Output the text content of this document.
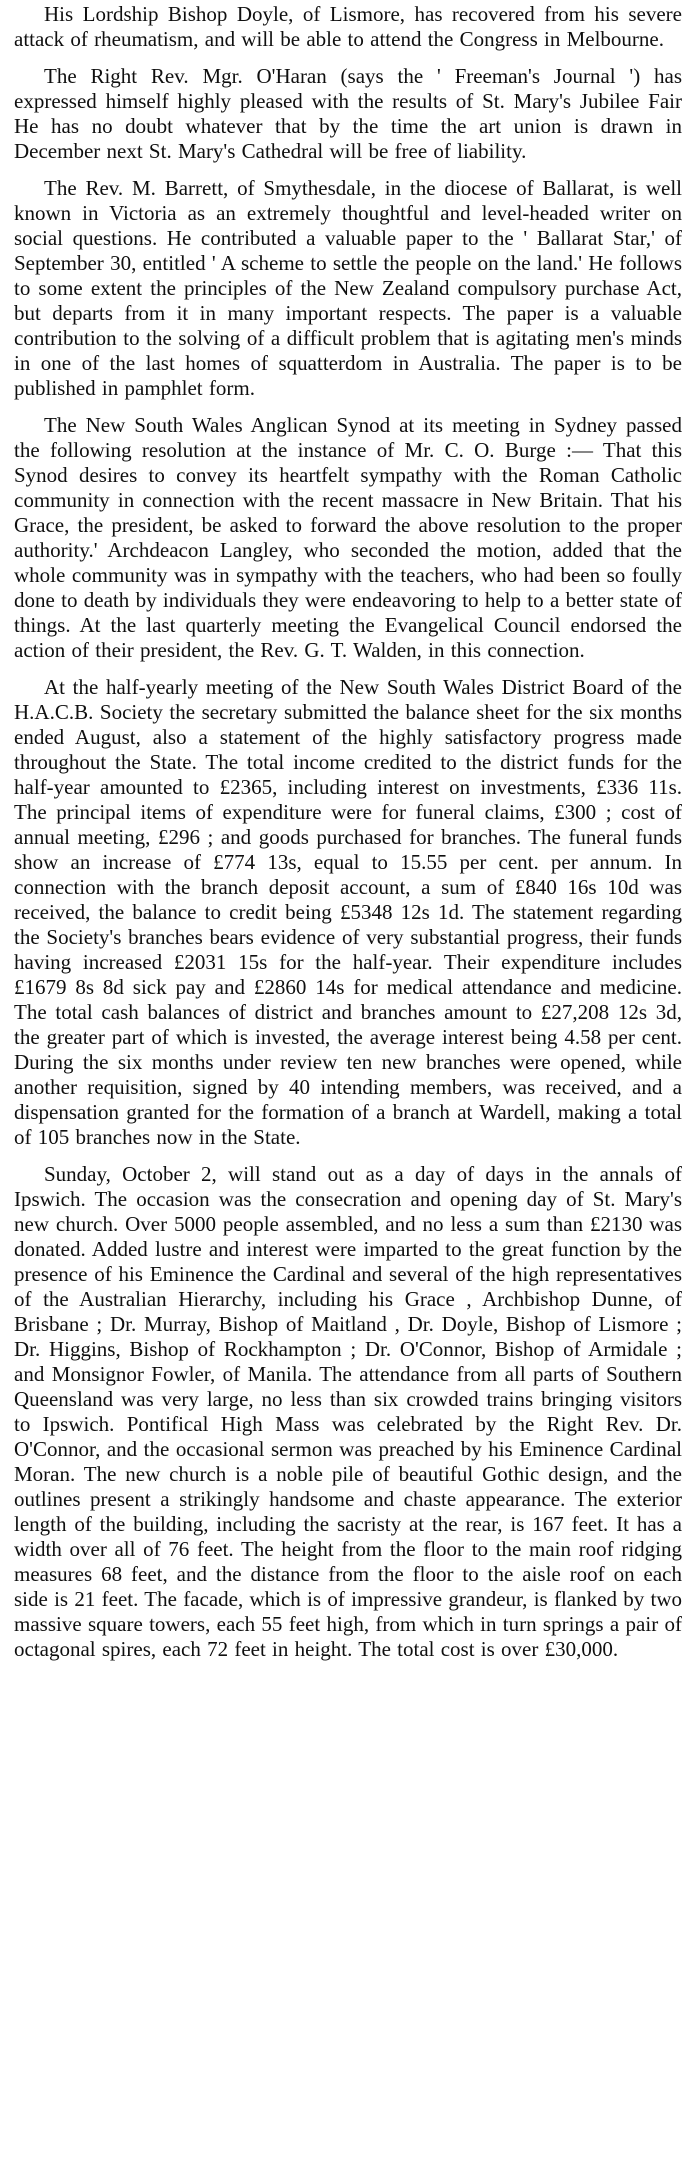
His Lordship Bishop Doyle, of Lismore, has recovered from his severe attack of rheumatism, and will be able to attend the Congress in Melbourne.

The Right Rev. Mgr. O'Haran (says the ' Freeman's Journal ') has expressed himself highly pleased with the results of St. Mary's Jubilee Fair He has no doubt whatever that by the time the art union is drawn in December next St. Mary's Cathedral will be free of liability.

The Rev. M. Barrett, of Smythesdale, in the diocese of Ballarat, is well known in Victoria as an extremely thoughtful and level-headed writer on social questions. He contributed a valuable paper to the ' Ballarat Star,' of September 30, entitled ' A scheme to settle the people on the land.' He follows to some extent the principles of the New Zealand compulsory purchase Act, but departs from it in many important respects. The paper is a valuable contribution to the solving of a difficult problem that is agitating men's minds in one of the last homes of squatterdom in Australia. The paper is to be published in pamphlet form.

The New South Wales Anglican Synod at its meeting in Sydney passed the following resolution at the instance of Mr. C. O. Burge :— That this Synod desires to convey its heartfelt sympathy with the Roman Catholic community in connection with the recent massacre in New Britain. That his Grace, the president, be asked to forward the above resolution to the proper authority.' Archdeacon Langley, who seconded the motion, added that the whole community was in sympathy with the teachers, who had been so foully done to death by individuals they were endeavoring to help to a better state of things. At the last quarterly meeting the Evangelical Council endorsed the action of their president, the Rev. G. T. Walden, in this connection.

At the half-yearly meeting of the New South Wales District Board of the H.A.C.B. Society the secretary submitted the balance sheet for the six months ended August, also a statement of the highly satisfactory progress made throughout the State. The total income credited to the district funds for the half-year amounted to £2365, including interest on investments, £336 11s. The principal items of expenditure were for funeral claims, £300 ; cost of annual meeting, £296 ; and goods purchased for branches. The funeral funds show an increase of £774 13s, equal to 15.55 per cent. per annum. In connection with the branch deposit account, a sum of £840 16s 10d was received, the balance to credit being £5348 12s 1d. The statement regarding the Society's branches bears evidence of very substantial progress, their funds having increased £2031 15s for the half-year. Their expenditure includes £1679 8s 8d sick pay and £2860 14s for medical attendance and medicine. The total cash balances of district and branches amount to £27,208 12s 3d, the greater part of which is invested, the average interest being 4.58 per cent. During the six months under review ten new branches were opened, while another requisition, signed by 40 intending members, was received, and a dispensation granted for the formation of a branch at Wardell, making a total of 105 branches now in the State.

Sunday, October 2, will stand out as a day of days in the annals of Ipswich. The occasion was the consecration and opening day of St. Mary's new church. Over 5000 people assembled, and no less a sum than £2130 was donated. Added lustre and interest were imparted to the great function by the presence of his Eminence the Cardinal and several of the high representatives of the Australian Hierarchy, including his Grace , Archbishop Dunne, of Brisbane ; Dr. Murray, Bishop of Maitland , Dr. Doyle, Bishop of Lismore ; Dr. Higgins, Bishop of Rockhampton ; Dr. O'Connor, Bishop of Armidale ; and Monsignor Fowler, of Manila. The attendance from all parts of Southern Queensland was very large, no less than six crowded trains bringing visitors to Ipswich. Pontifical High Mass was celebrated by the Right Rev. Dr. O'Connor, and the occasional sermon was preached by his Eminence Cardinal Moran. The new church is a noble pile of beautiful Gothic design, and the outlines present a strikingly handsome and chaste appearance. The exterior length of the building, including the sacristy at the rear, is 167 feet. It has a width over all of 76 feet. The height from the floor to the main roof ridging measures 68 feet, and the distance from the floor to the aisle roof on each side is 21 feet. The facade, which is of impressive grandeur, is flanked by two massive square towers, each 55 feet high, from which in turn springs a pair of octagonal spires, each 72 feet in height. The total cost is over £30,000.
